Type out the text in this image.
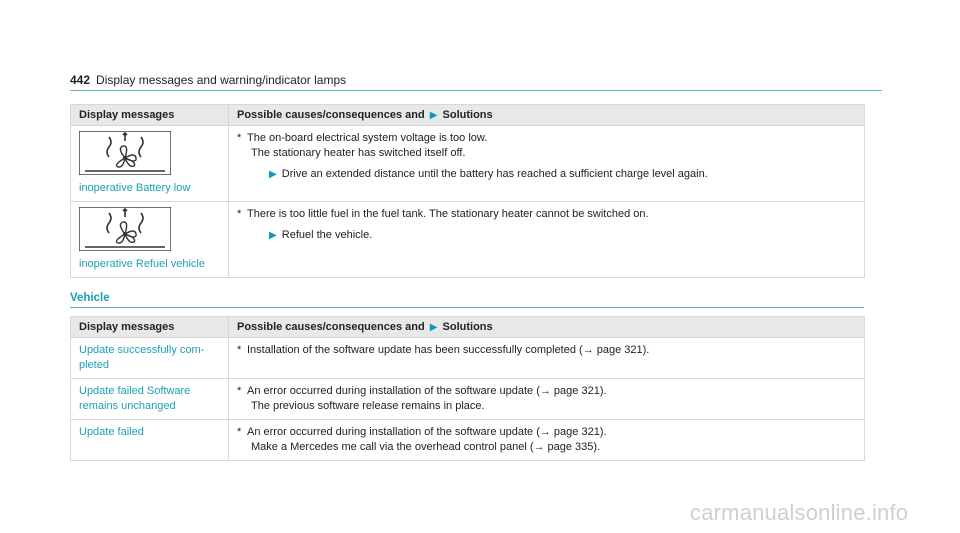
442 Display messages and warning/indicator lamps
Display messages	Possible causes/consequences and ▶ Solutions

inoperative Battery low	* The on-board electrical system voltage is too low.
The stationary heater has switched itself off.
▶ Drive an extended distance until the battery has reached a sufficient charge level again.

inoperative Refuel vehicle	* There is too little fuel in the fuel tank. The stationary heater cannot be switched on.
▶ Refuel the vehicle.
Vehicle
Display messages	Possible causes/consequences and ▶ Solutions

Update successfully com-
pleted	* Installation of the software update has been successfully completed (→ page 321).

Update failed Software
remains unchanged	* An error occurred during installation of the software update (→ page 321).
The previous software release remains in place.

Update failed	* An error occurred during installation of the software update (→ page 321).
Make a Mercedes me call via the overhead control panel (→ page 335).
carmanualsonline.info
